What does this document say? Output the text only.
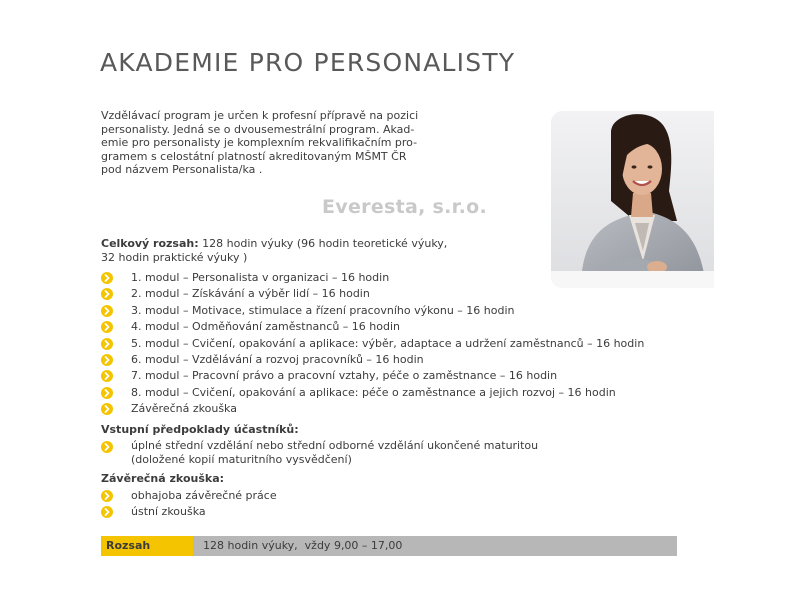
AKADEMIE PRO PERSONALISTY
Vzdělávací program je určen k profesní přípravě na pozici
personalisty. Jedná se o dvousemestrální program. Akad-
emie pro personalisty je komplexním rekvalifikačním pro-
gramem s celostátní platností akreditovaným MŠMT ČR
pod názvem Personalista/ka .
Everesta, s.r.o.
Celkový rozsah: 128 hodin výuky (96 hodin teoretické výuky,
32 hodin praktické výuky )
1. modul – Personalista v organizaci – 16 hodin
2. modul – Získávání a výběr lidí – 16 hodin
3. modul – Motivace, stimulace a řízení pracovního výkonu – 16 hodin
4. modul – Odměňování zaměstnanců – 16 hodin
5. modul – Cvičení, opakování a aplikace: výběr, adaptace a udržení zaměstnanců – 16 hodin
6. modul – Vzdělávání a rozvoj pracovníků – 16 hodin
7. modul – Pracovní právo a pracovní vztahy, péče o zaměstnance – 16 hodin
8. modul – Cvičení, opakování a aplikace: péče o zaměstnance a jejich rozvoj – 16 hodin
Závěrečná zkouška
Vstupní předpoklady účastníků:
úplné střední vzdělání nebo střední odborné vzdělání ukončené maturitou
(doložené kopií maturitního vysvědčení)
Závěrečná zkouška:
obhajoba závěrečné práce
ústní zkouška
Rozsah	128 hodin výuky,  vždy 9,00 – 17,00
